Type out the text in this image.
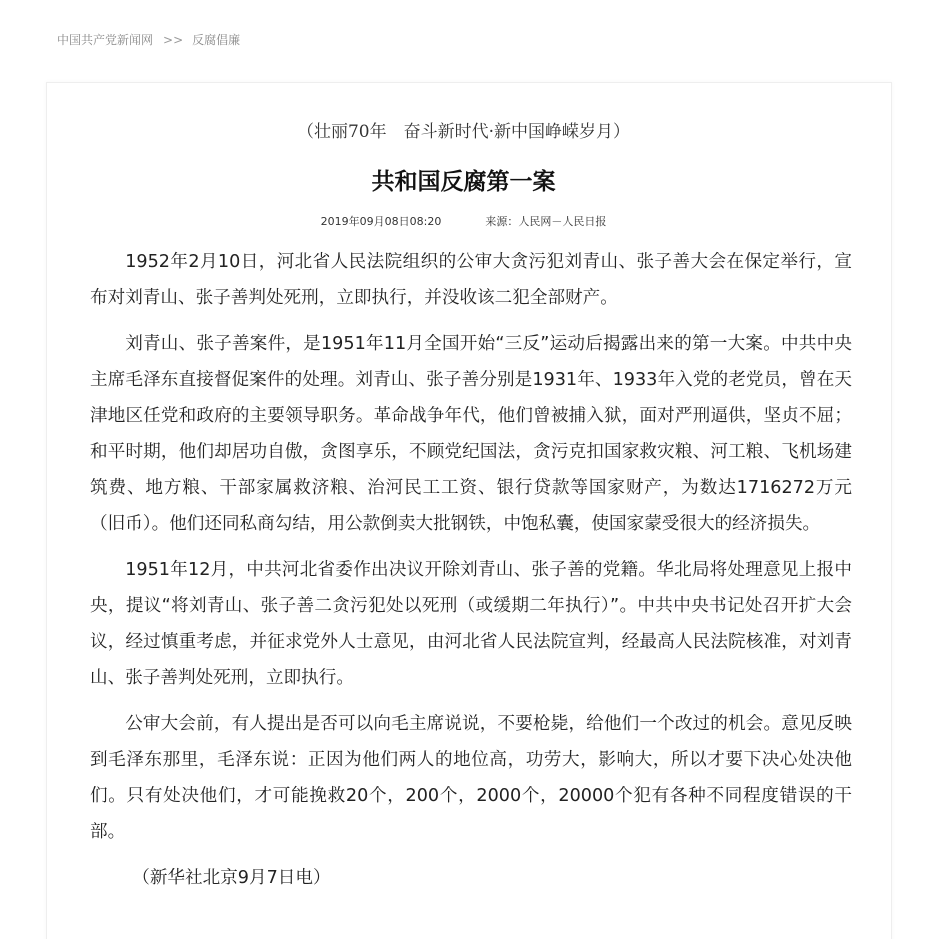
中国共产党新闻网 >> 反腐倡廉
（壮丽70年　奋斗新时代·新中国峥嵘岁月）
共和国反腐第一案
2019年09月08日08:20	来源：人民网－人民日报

1952年2月10日，河北省人民法院组织的公审大贪污犯刘青山、张子善大会在保定举行，宣布对刘青山、张子善判处死刑，立即执行，并没收该二犯全部财产。

刘青山、张子善案件，是1951年11月全国开始“三反”运动后揭露出来的第一大案。中共中央主席毛泽东直接督促案件的处理。刘青山、张子善分别是1931年、1933年入党的老党员，曾在天津地区任党和政府的主要领导职务。革命战争年代，他们曾被捕入狱，面对严刑逼供，坚贞不屈；和平时期，他们却居功自傲，贪图享乐，不顾党纪国法，贪污克扣国家救灾粮、河工粮、飞机场建筑费、地方粮、干部家属救济粮、治河民工工资、银行贷款等国家财产，为数达1716272万元（旧币）。他们还同私商勾结，用公款倒卖大批钢铁，中饱私囊，使国家蒙受很大的经济损失。

1951年12月，中共河北省委作出决议开除刘青山、张子善的党籍。华北局将处理意见上报中央，提议“将刘青山、张子善二贪污犯处以死刑（或缓期二年执行）”。中共中央书记处召开扩大会议，经过慎重考虑，并征求党外人士意见，由河北省人民法院宣判，经最高人民法院核准，对刘青山、张子善判处死刑，立即执行。

公审大会前，有人提出是否可以向毛主席说说，不要枪毙，给他们一个改过的机会。意见反映到毛泽东那里，毛泽东说：正因为他们两人的地位高，功劳大，影响大，所以才要下决心处决他们。只有处决他们，才可能挽救20个，200个，2000个，20000个犯有各种不同程度错误的干部。

（新华社北京9月7日电）
